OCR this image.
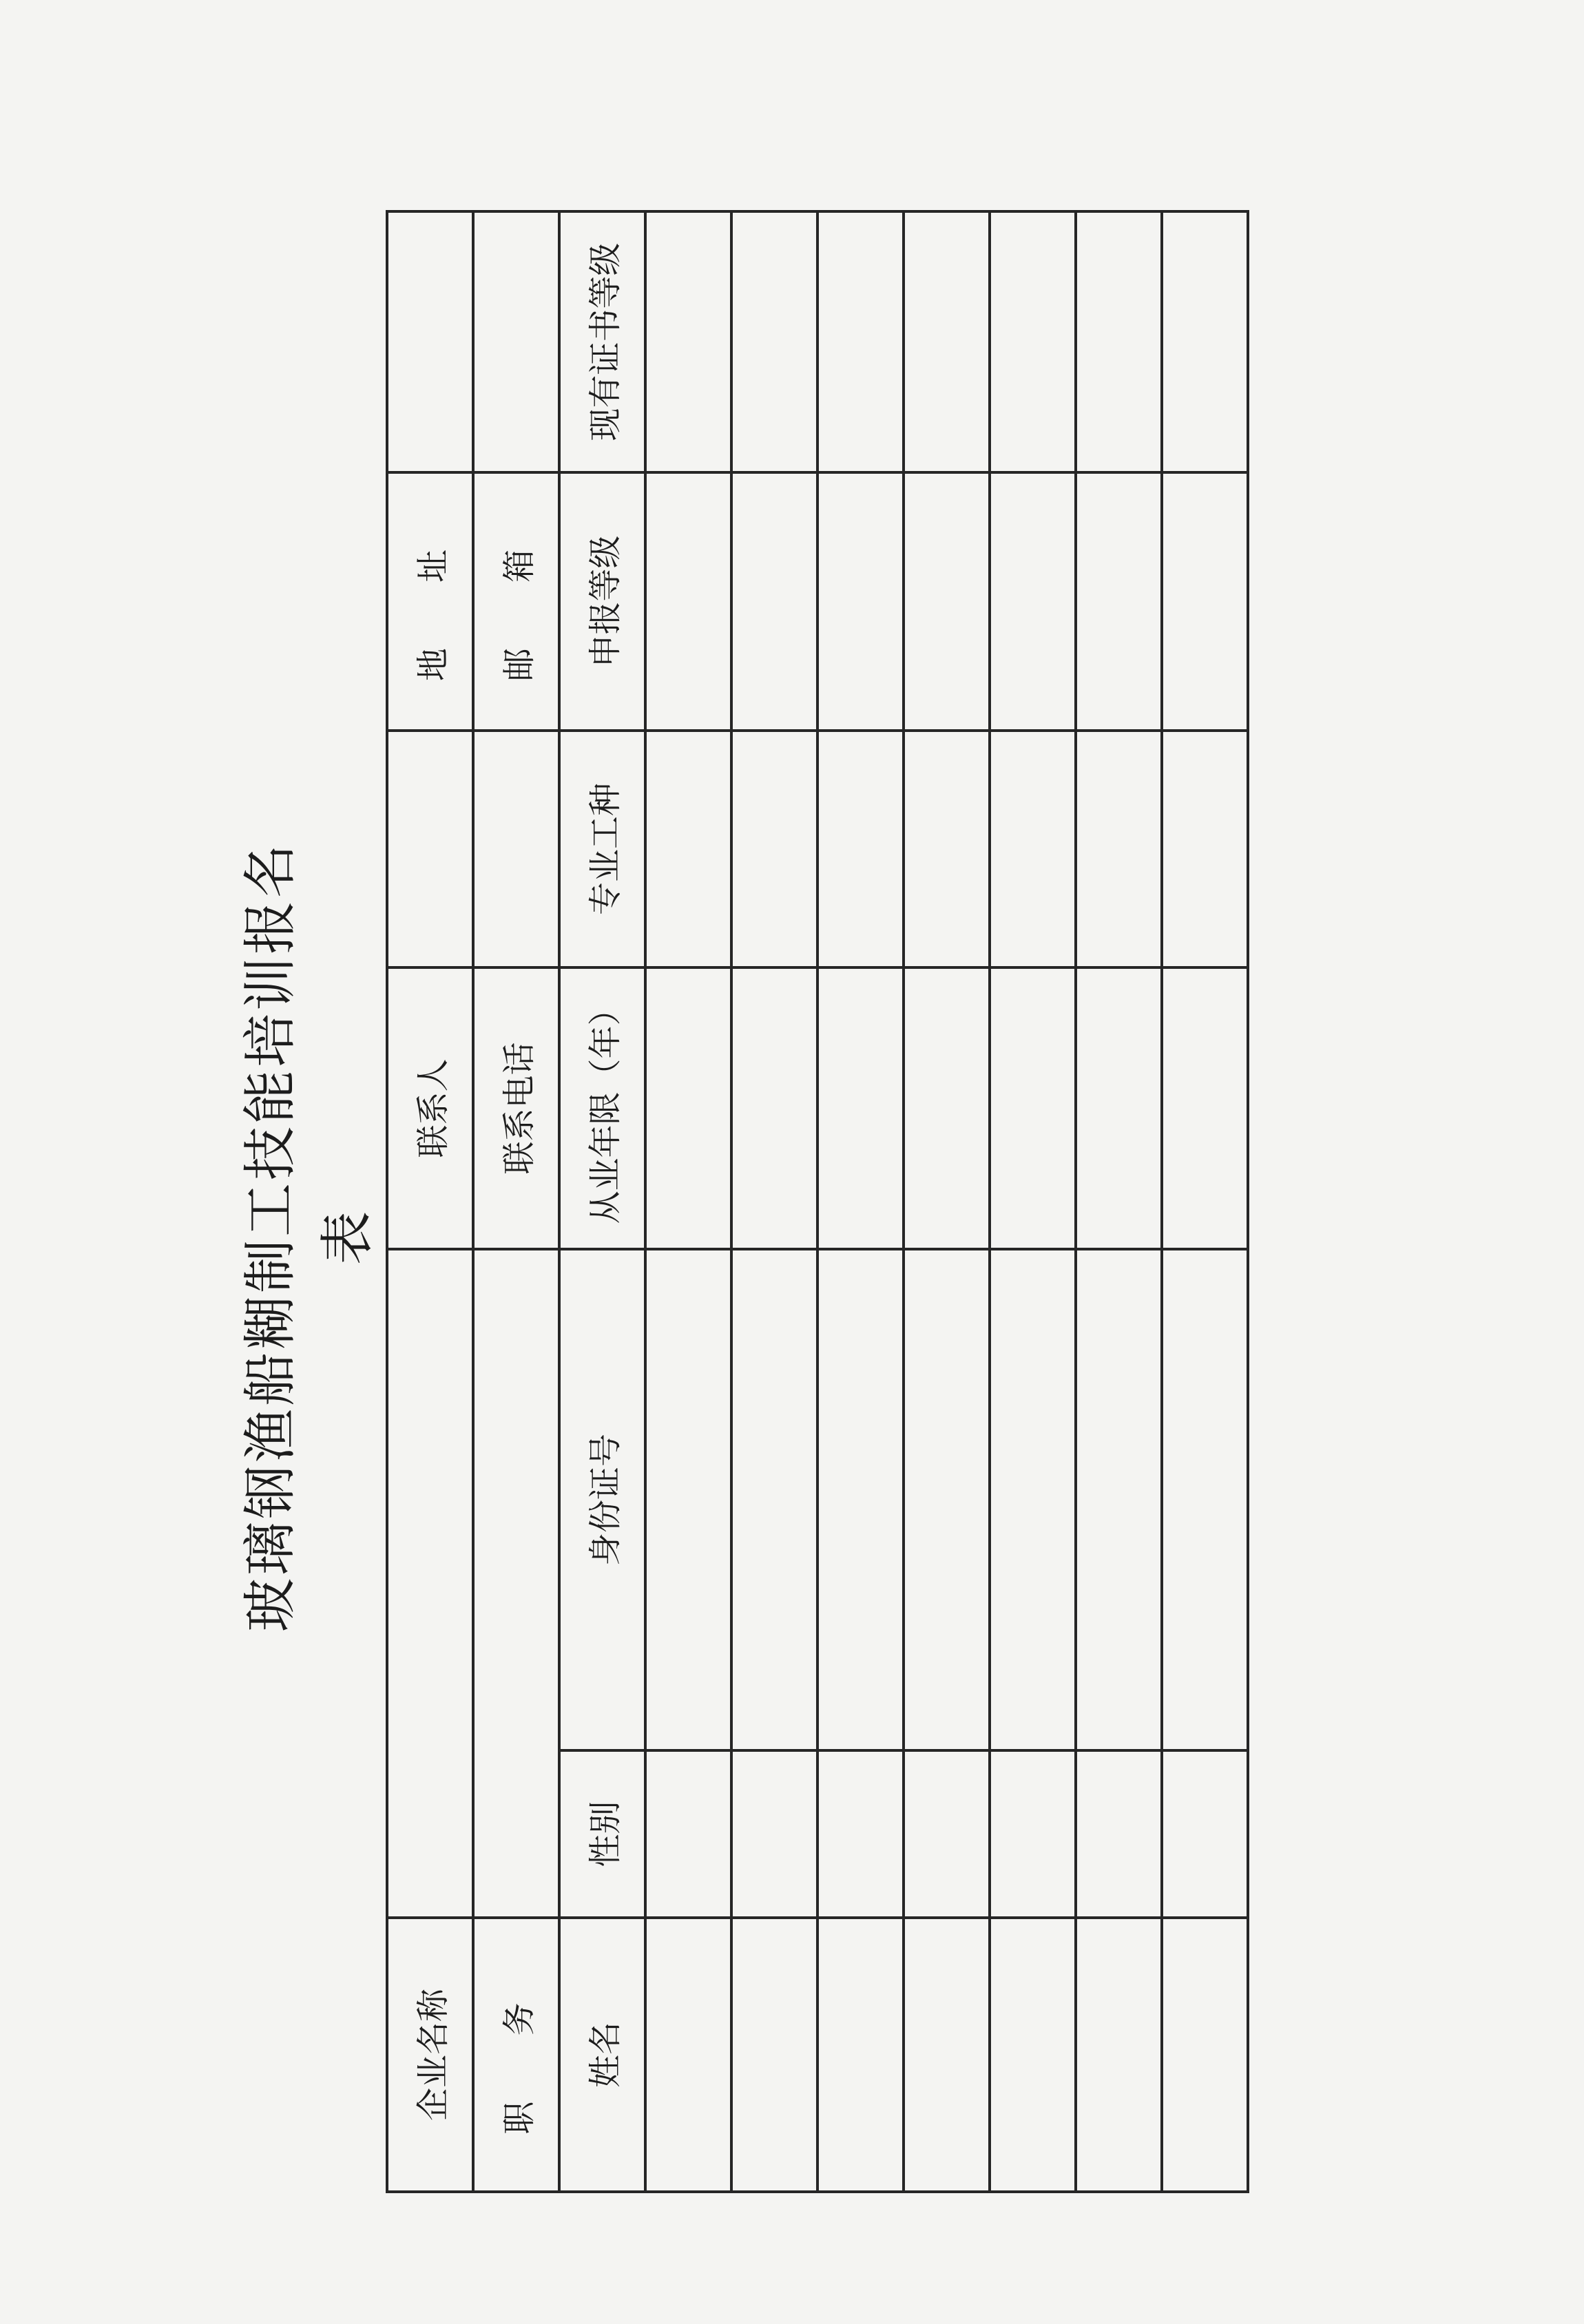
玻璃钢渔船糊制工技能培训报名表
企业名称			联系人		地 址	
职 务			联系电话		邮 箱	
姓名	性别	身份证号	从业年限（年）	专业工种	申报等级	现有证书等级
